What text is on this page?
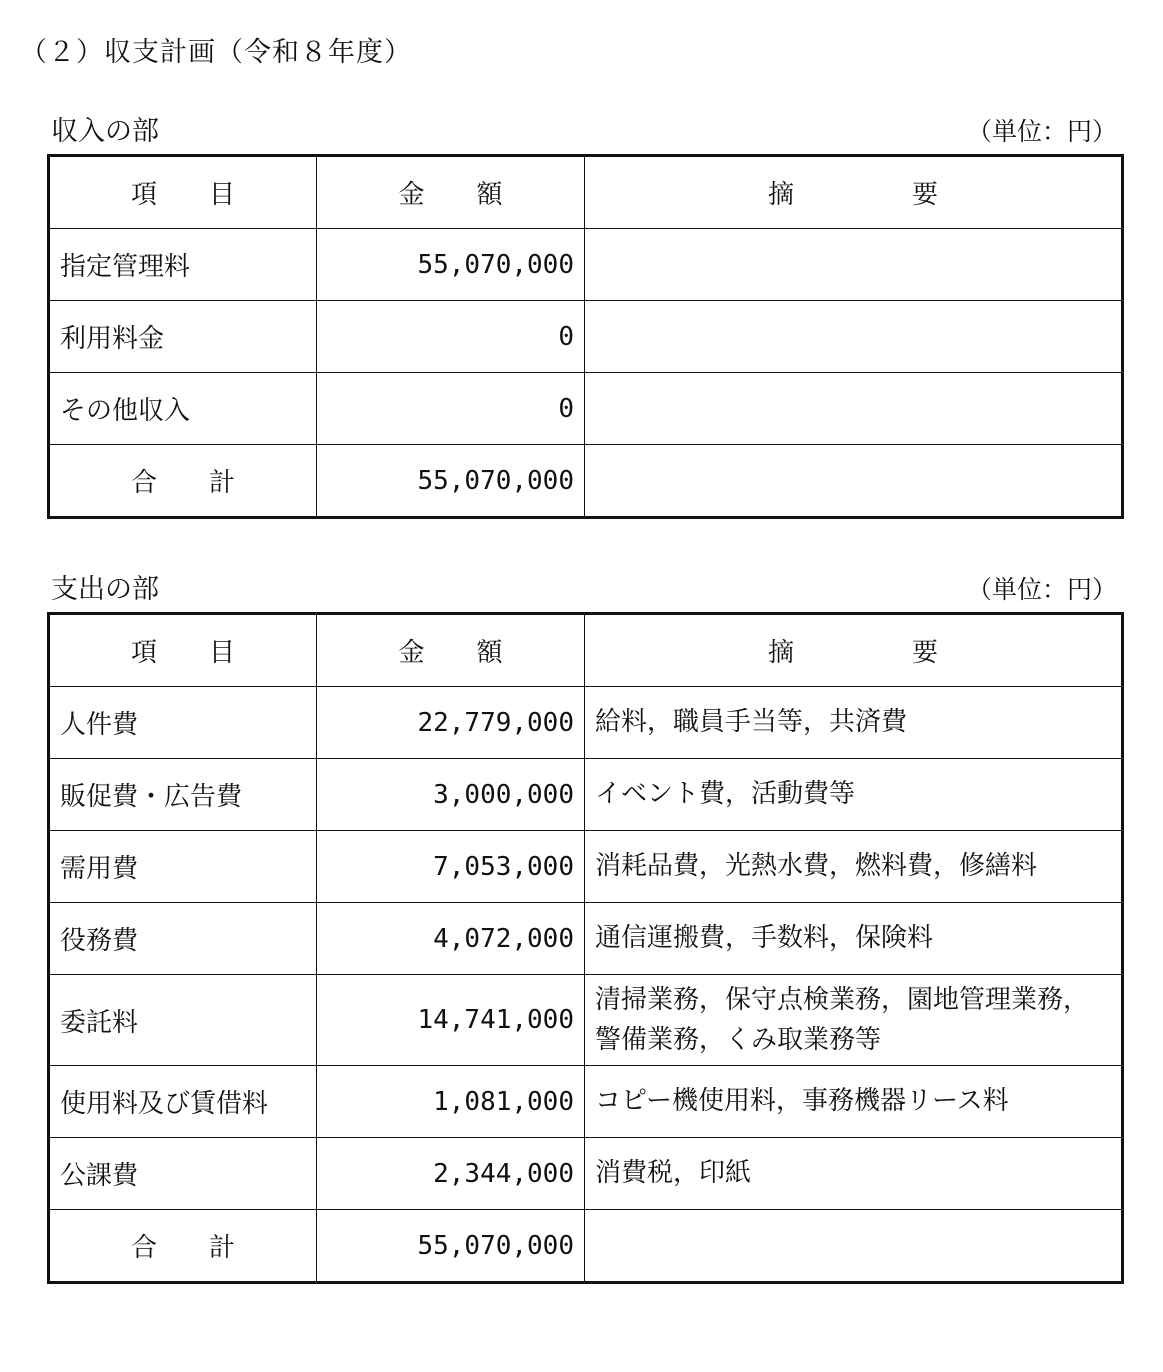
（２）収支計画（令和８年度）
収入の部	（単位：円）
項 目	金 額	摘 要

指定管理料	55,070,000	
利用料金	0	
その他収入	0	

合 計	55,070,000	
支出の部	（単位：円）
項 目	金 額	摘 要

人件費	22,779,000	給料，職員手当等，共済費
販促費・広告費	3,000,000	イベント費，活動費等
需用費	7,053,000	消耗品費，光熱水費，燃料費，修繕料
役務費	4,072,000	通信運搬費，手数料，保険料
委託料	14,741,000	清掃業務，保守点検業務，園地管理業務，警備業務，くみ取業務等
使用料及び賃借料	1,081,000	コピー機使用料，事務機器リース料
公課費	2,344,000	消費税，印紙

合 計	55,070,000	
